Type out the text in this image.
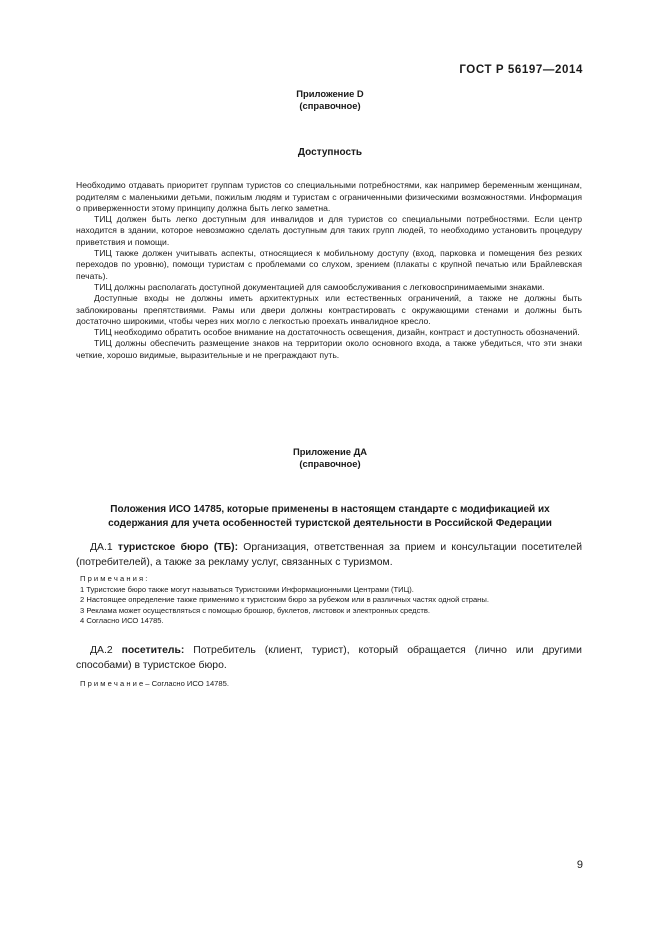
ГОСТ Р 56197—2014
Приложение D
(справочное)
Доступность

Необходимо отдавать приоритет группам туристов со специальными потребностями, как например беременным женщинам, родителям с маленькими детьми, пожилым людям и туристам с ограниченными физическими возможностями. Информация о приверженности этому принципу должна быть легко заметна.

ТИЦ должен быть легко доступным для инвалидов и для туристов со специальными потребностями. Если центр находится в здании, которое невозможно сделать доступным для таких групп людей, то необходимо установить процедуру приветствия и помощи.

ТИЦ также должен учитывать аспекты, относящиеся к мобильному доступу (вход, парковка и помещения без резких переходов по уровню), помощи туристам с проблемами со слухом, зрением (плакаты с крупной печатью или Брайлевская печать).

ТИЦ должны располагать доступной документацией для самообслуживания с легковоспринимаемыми знаками.

Доступные входы не должны иметь архитектурных или естественных ограничений, а также не должны быть заблокированы препятствиями. Рамы или двери должны контрастировать с окружающими стенами и должны быть достаточно широкими, чтобы через них могло с легкостью проехать инвалидное кресло.

ТИЦ необходимо обратить особое внимание на достаточность освещения, дизайн, контраст и доступность обозначений.

ТИЦ должны обеспечить размещение знаков на территории около основного входа, а также убедиться, что эти знаки четкие, хорошо видимые, выразительные и не преграждают путь.

Приложение ДА
(справочное)
Положения ИСО 14785, которые применены в настоящем стандарте с модификацией их
содержания для учета особенностей туристской деятельности в Российской Федерации

ДА.1 туристское бюро (ТБ): Организация, ответственная за прием и консультации посетителей (потребителей), а также за рекламу услуг, связанных с туризмом.

П р и м е ч а н и я :

1 Туристские бюро также могут называться Туристскими Информационными Центрами (ТИЦ).

2 Настоящее определение также применимо к туристским бюро за рубежом или в различных частях одной страны.

3 Реклама может осуществляться с помощью брошюр, буклетов, листовок и электронных средств.

4 Согласно ИСО 14785.

ДА.2 посетитель: Потребитель (клиент, турист), который обращается (лично или другими способами) в туристское бюро.

П р и м е ч а н и е – Согласно ИСО 14785.

9
